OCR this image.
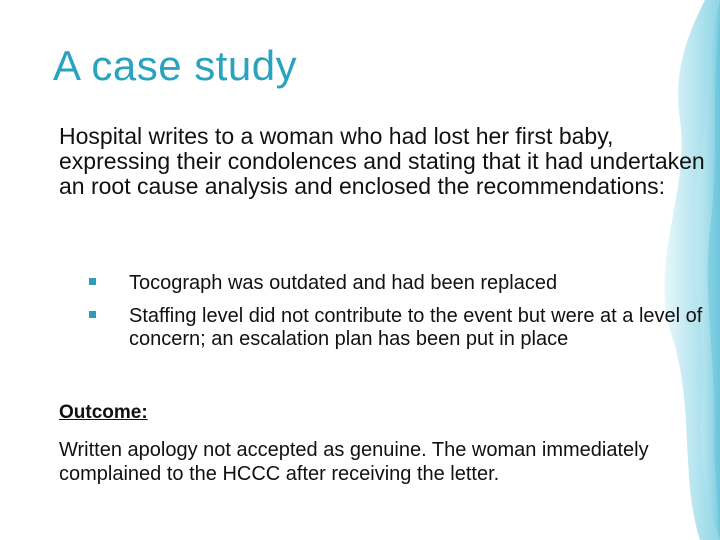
A case study
Hospital writes to a woman who had lost her first baby, expressing their condolences and stating that it had undertaken an root cause analysis and enclosed the recommendations:
Tocograph was outdated and had been replaced
Staffing level did not contribute to the event but were at a level of concern; an escalation plan has been put in place
Outcome:
Written apology not accepted as genuine. The woman immediately complained to the HCCC after receiving the letter.
